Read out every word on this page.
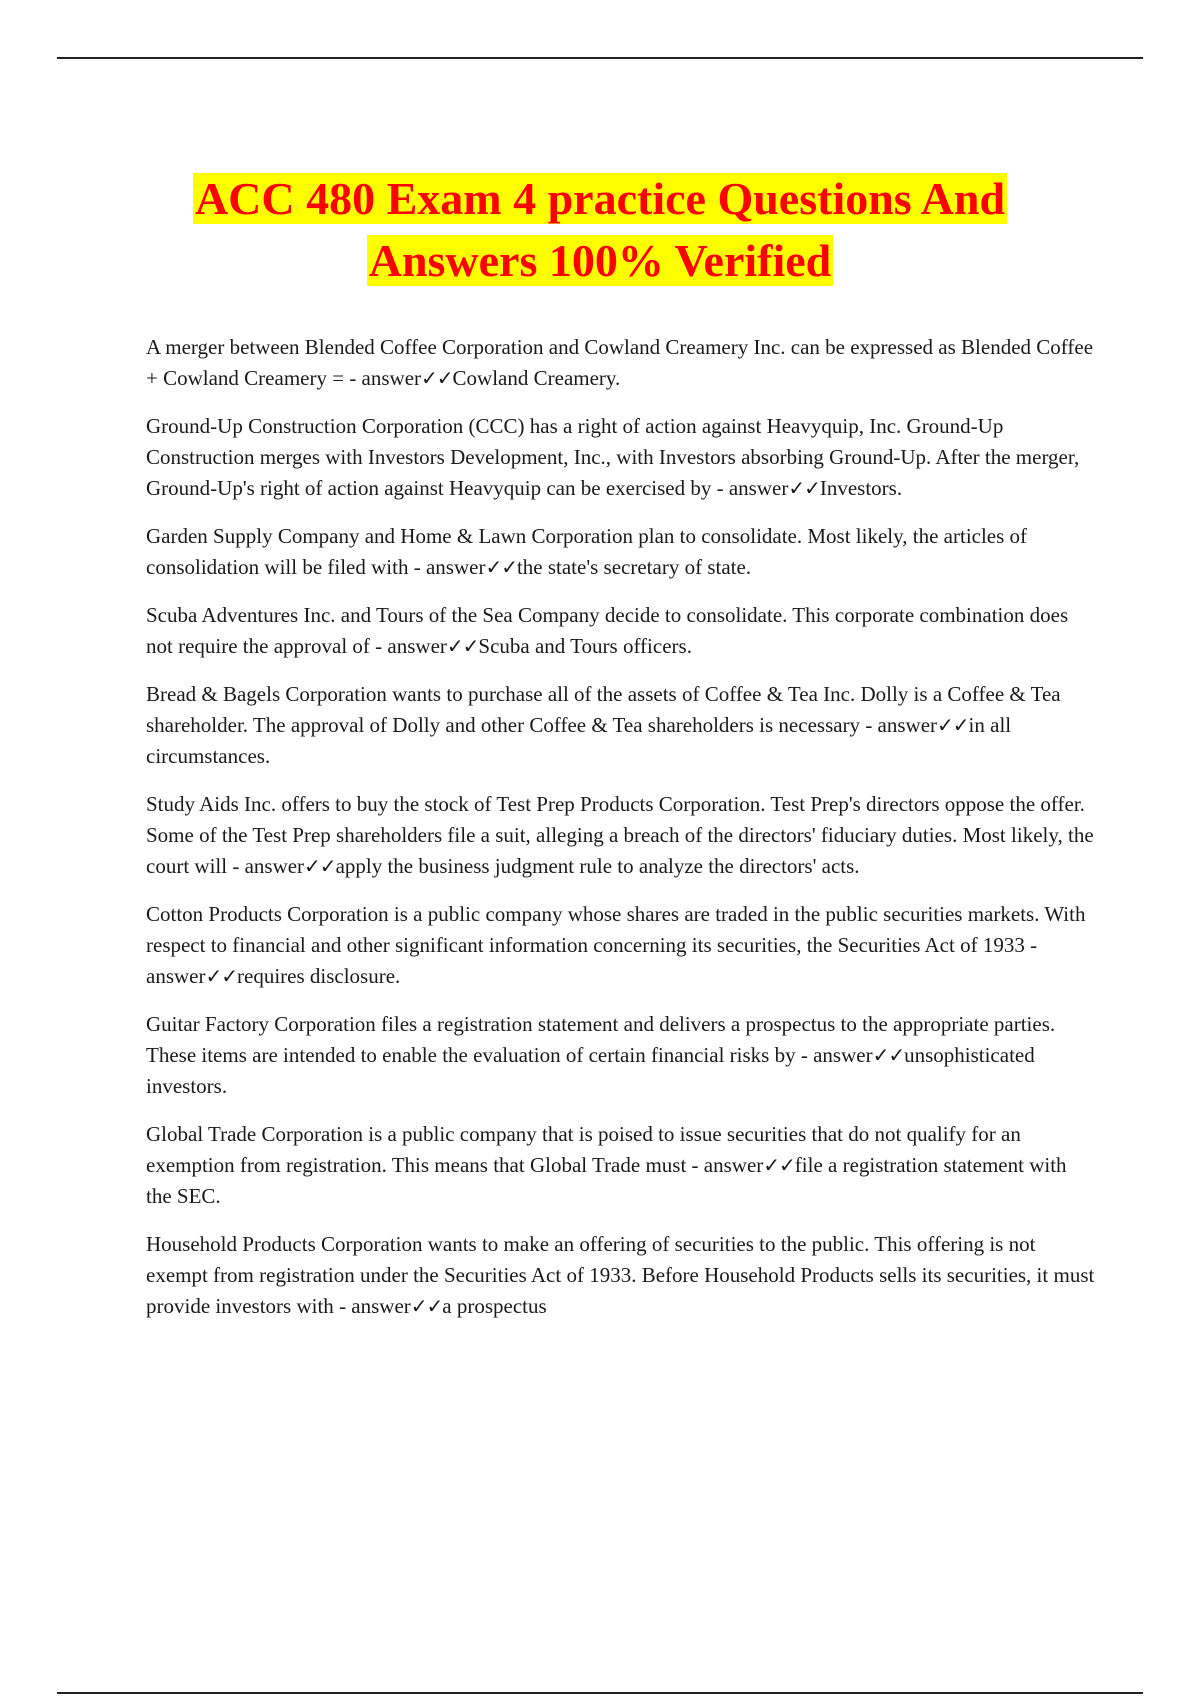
ACC 480 Exam 4 practice Questions And
Answers 100% Verified

A merger between Blended Coffee Corporation and Cowland Creamery Inc. can be expressed as Blended Coffee + Cowland Creamery = - answer✓✓Cowland Creamery.

Ground-Up Construction Corporation (CCC) has a right of action against Heavyquip, Inc. Ground-Up Construction merges with Investors Development, Inc., with Investors absorbing Ground-Up. After the merger, Ground-Up's right of action against Heavyquip can be exercised by - answer✓✓Investors.

Garden Supply Company and Home & Lawn Corporation plan to consolidate. Most likely, the articles of consolidation will be filed with - answer✓✓the state's secretary of state.

Scuba Adventures Inc. and Tours of the Sea Company decide to consolidate. This corporate combination does not require the approval of - answer✓✓Scuba and Tours officers.

Bread & Bagels Corporation wants to purchase all of the assets of Coffee & Tea Inc. Dolly is a Coffee & Tea shareholder. The approval of Dolly and other Coffee & Tea shareholders is necessary - answer✓✓in all circumstances.

Study Aids Inc. offers to buy the stock of Test Prep Products Corporation. Test Prep's directors oppose the offer. Some of the Test Prep shareholders file a suit, alleging a breach of the directors' fiduciary duties. Most likely, the court will - answer✓✓apply the business judgment rule to analyze the directors' acts.

Cotton Products Corporation is a public company whose shares are traded in the public securities markets. With respect to financial and other significant information concerning its securities, the Securities Act of 1933 - answer✓✓requires disclosure.

Guitar Factory Corporation files a registration statement and delivers a prospectus to the appropriate parties. These items are intended to enable the evaluation of certain financial risks by - answer✓✓unsophisticated investors.

Global Trade Corporation is a public company that is poised to issue securities that do not qualify for an exemption from registration. This means that Global Trade must - answer✓✓file a registration statement with the SEC.

Household Products Corporation wants to make an offering of securities to the public. This offering is not exempt from registration under the Securities Act of 1933. Before Household Products sells its securities, it must provide investors with - answer✓✓a prospectus
